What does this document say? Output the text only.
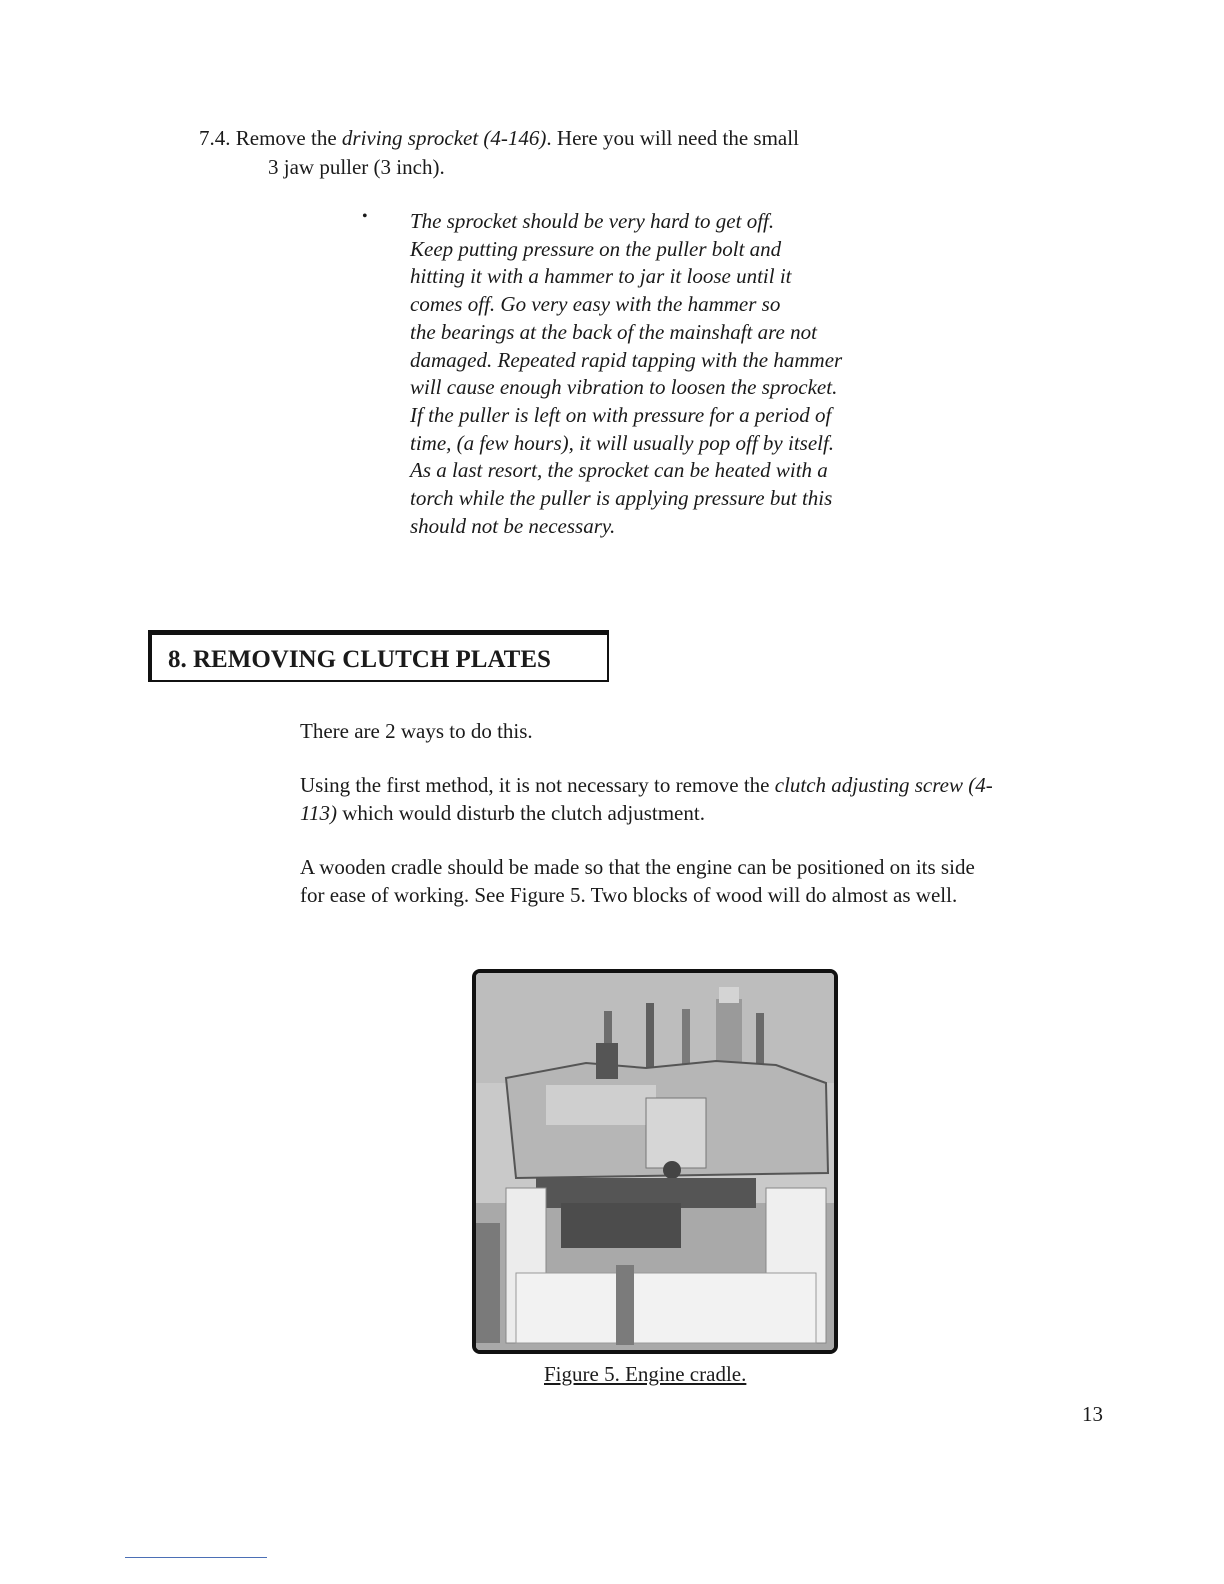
7.4. Remove the driving sprocket (4-146). Here you will need the small
3 jaw puller (3 inch).
• The sprocket should be very hard to get off.
Keep putting pressure on the puller bolt and
hitting it with a hammer to jar it loose until it
comes off. Go very easy with the hammer so
the bearings at the back of the mainshaft are not
damaged. Repeated rapid tapping with the hammer
will cause enough vibration to loosen the sprocket.
If the puller is left on with pressure for a period of
time, (a few hours), it will usually pop off by itself.
As a last resort, the sprocket can be heated with a
torch while the puller is applying pressure but this
should not be necessary.
8. REMOVING CLUTCH PLATES
There are 2 ways to do this.
Using the first method, it is not necessary to remove the clutch adjusting screw (4-113) which would disturb the clutch adjustment.
A wooden cradle should be made so that the engine can be positioned on its side for ease of working. See Figure 5. Two blocks of wood will do almost as well.
Figure 5. Engine cradle.
13
